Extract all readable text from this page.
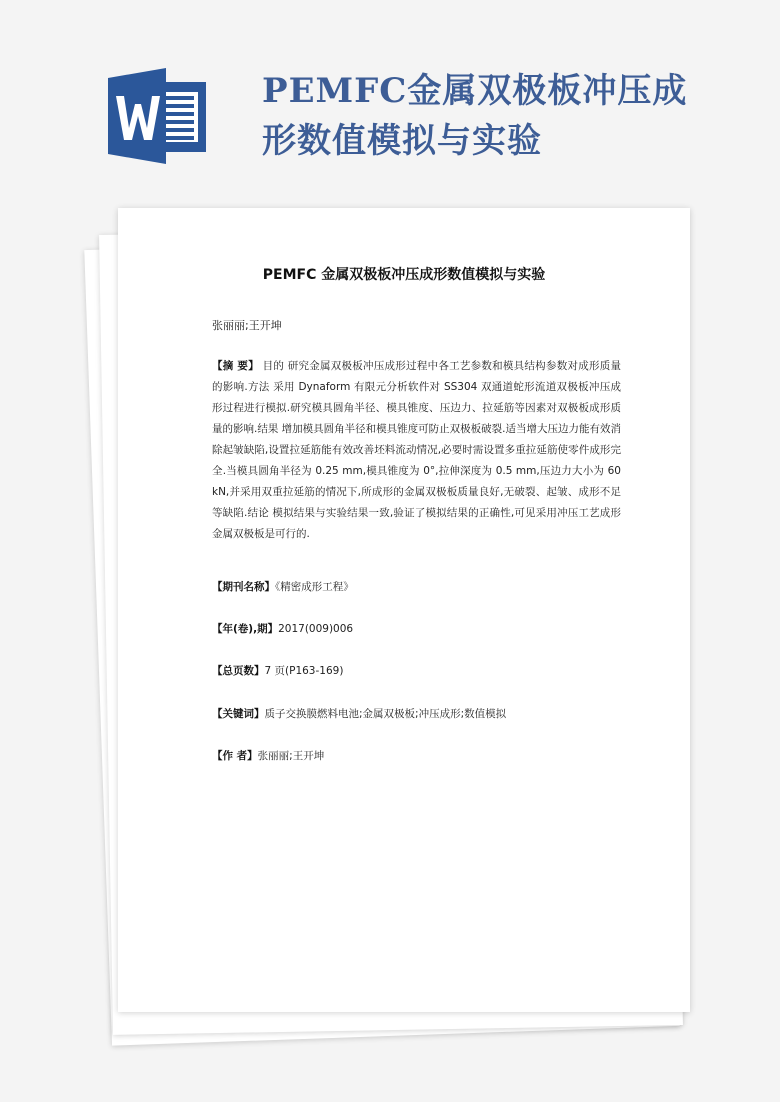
PEMFC金属双极板冲压成
形数值模拟与实验
PEMFC 金属双极板冲压成形数值模拟与实验
张丽丽;王开坤
【摘 要】 目的 研究金属双极板冲压成形过程中各工艺参数和模具结构参数对成形质量的影响.方法 采用 Dynaform 有限元分析软件对 SS304 双通道蛇形流道双极板冲压成形过程进行模拟.研究模具圆角半径、模具锥度、压边力、拉延筋等因素对双极板成形质量的影响.结果 增加模具圆角半径和模具锥度可防止双极板破裂.适当增大压边力能有效消除起皱缺陷,设置拉延筋能有效改善坯料流动情况,必要时需设置多重拉延筋使零件成形完全.当模具圆角半径为 0.25 mm,模具锥度为 0°,拉伸深度为 0.5 mm,压边力大小为 60 kN,并采用双重拉延筋的情况下,所成形的金属双极板质量良好,无破裂、起皱、成形不足等缺陷.结论 模拟结果与实验结果一致,验证了模拟结果的正确性,可见采用冲压工艺成形金属双极板是可行的.
【期刊名称】《精密成形工程》
【年(卷),期】2017(009)006
【总页数】7 页(P163-169)
【关键词】质子交换膜燃料电池;金属双极板;冲压成形;数值模拟
【作 者】张丽丽;王开坤
